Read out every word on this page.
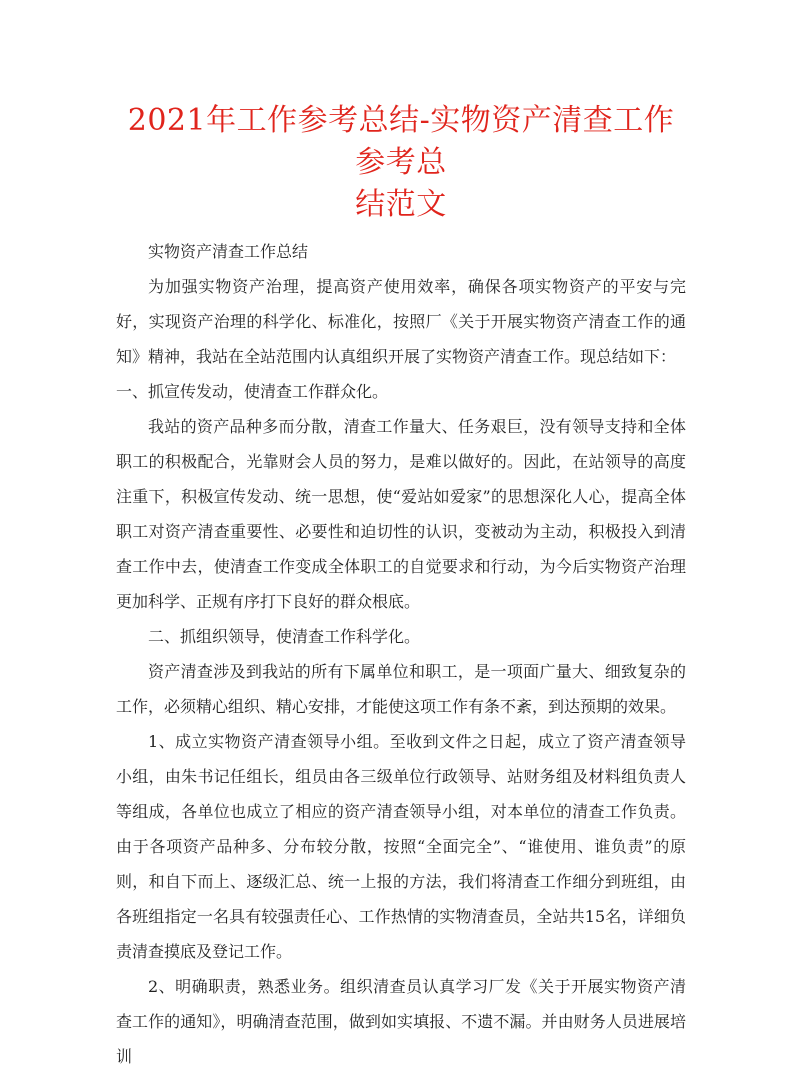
2021年工作参考总结-实物资产清查工作参考总
结范文

实物资产清查工作总结

为加强实物资产治理，提高资产使用效率，确保各项实物资产的平安与完好，实现资产治理的科学化、标准化，按照厂《关于开展实物资产清查工作的通知》精神，我站在全站范围内认真组织开展了实物资产清查工作。现总结如下：

一、抓宣传发动，使清查工作群众化。

我站的资产品种多而分散，清查工作量大、任务艰巨，没有领导支持和全体职工的积极配合，光靠财会人员的努力，是难以做好的。因此，在站领导的高度注重下，积极宣传发动、统一思想，使“爱站如爱家”的思想深化人心，提高全体职工对资产清查重要性、必要性和迫切性的认识，变被动为主动，积极投入到清查工作中去，使清查工作变成全体职工的自觉要求和行动，为今后实物资产治理更加科学、正规有序打下良好的群众根底。

二、抓组织领导，使清查工作科学化。

资产清查涉及到我站的所有下属单位和职工，是一项面广量大、细致复杂的工作，必须精心组织、精心安排，才能使这项工作有条不紊，到达预期的效果。

1、成立实物资产清查领导小组。至收到文件之日起，成立了资产清查领导小组，由朱书记任组长，组员由各三级单位行政领导、站财务组及材料组负责人等组成，各单位也成立了相应的资产清查领导小组，对本单位的清查工作负责。由于各项资产品种多、分布较分散，按照“全面完全”、“谁使用、谁负责”的原则，和自下而上、逐级汇总、统一上报的方法，我们将清查工作细分到班组，由各班组指定一名具有较强责任心、工作热情的实物清查员，全站共15名，详细负责清查摸底及登记工作。

2、明确职责，熟悉业务。组织清查员认真学习厂发《关于开展实物资产清查工作的通知》，明确清查范围，做到如实填报、不遗不漏。并由财务人员进展培训
